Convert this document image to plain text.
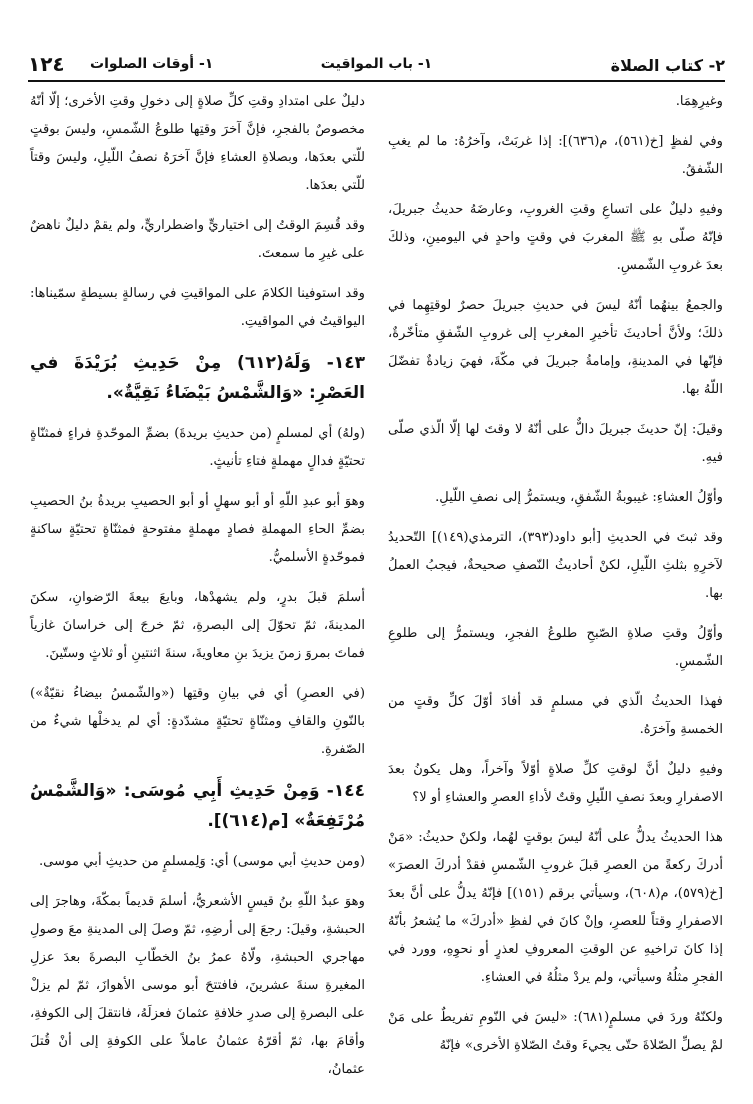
٢- كتاب الصلاة
١- باب المواقيت
١- أوقات الصلوات
١٢٤

وغيرِهِمَا.

وفي لفظٍ [خ(٥٦١)، م(٦٣٦)]: إذا غربَتْ، وآخرُهُ: ما لم يغبِ الشّفقُ.

وفيهِ دليلٌ على اتساعِ وقتِ الغروبِ، وعارضَهُ حديثُ جبريلَ، فإنّهُ صلّى بهِ ﷺ المغربَ في وقتٍ واحدٍ في اليومينِ، وذلكَ بعدَ غروبِ الشّمسِ.

والجمعُ بينهُما أنّهُ ليسَ في حديثِ جبريلَ حصرٌ لوقتِهِما في ذلكَ؛ ولأنَّ أحاديثَ تأخيرِ المغربِ إلى غروبِ الشّفقِ متأخّرةٌ، فإنّها في المدينةِ، وإمامةُ جبريلَ في مكّةَ، فهيَ زيادةٌ تفضّلَ اللّهُ بها.

وقيلَ: إنّ حديثَ جبريلَ دالٌّ على أنّهُ لا وقتَ لها إلّا الّذي صلّى فيهِ.

وأوّلُ العشاءِ: غيبوبةُ الشّفقِ، ويستمرُّ إلى نصفِ اللّيلِ.

وقد ثبتَ في الحديثِ [أبو داود(٣٩٣)، الترمذي(١٤٩)] التّحديدُ لآخرِهِ بثلثِ اللّيلِ، لكنْ أحاديثُ النّصفِ صحيحةٌ، فيجبُ العملُ بها.

وأوّلُ وقتِ صلاةِ الصّبحِ طلوعُ الفجرِ، ويستمرُّ إلى طلوعِ الشّمسِ.

فهذا الحديثُ الّذي في مسلمٍ قد أفادَ أوّلَ كلِّ وقتٍ من الخمسةِ وآخرَهُ.

وفيهِ دليلٌ أنَّ لوقتِ كلِّ صلاةٍ أوّلاً وآخراً، وهل يكونُ بعدَ الاصفرارِ وبعدَ نصفِ اللّيلِ وقتٌ لأداءِ العصرِ والعشاءِ أو لا؟

هذا الحديثُ يدلُّ على أنّهُ ليسَ بوقتٍ لهُما، ولكنْ حديثُ: «مَنْ أدركَ ركعةً من العصرِ قبلَ غروبِ الشّمسِ فقدْ أدركَ العصرَ» [خ(٥٧٩)، م(٦٠٨)، وسيأتي برقم (١٥١)] فإنّهُ يدلُّ على أنَّ بعدَ الاصفرارِ وقتاً للعصرِ، وإنْ كانَ في لفظِ «أدركَ» ما يُشعرُ بأنّهُ إذا كانَ تراخيهِ عن الوقتِ المعروفِ لعذرٍ أو نحوِهِ، وورد في الفجرِ مثلُهُ وسيأتي، ولم يردْ مثلُهُ في العشاءِ.

ولكنّهُ وردَ في مسلمٍ(٦٨١): «ليسَ في النّومِ تفريطٌ على مَنْ لمْ يصلِّ الصّلاةَ حتّى يجيءَ وقتُ الصّلاةِ الأخرى» فإنّهُ

دليلٌ على امتدادِ وقتِ كلِّ صلاةٍ إلى دخولِ وقتِ الأخرى؛ إلّا أنّهُ مخصوصٌ بالفجرِ، فإنَّ آخرَ وقتِها طلوعُ الشّمسِ، وليسَ بوقتٍ للّتي بعدَها، وبصلاةِ العشاءِ فإنَّ آخرَهُ نصفُ اللّيلِ، وليسَ وقتاً للّتي بعدَها.

وقد قُسِمَ الوقتُ إلى اختياريٍّ واضطراريٍّ، ولم يقمْ دليلٌ ناهضٌ على غيرِ ما سمعتَ.

وقد استوفينا الكلامَ على المواقيتِ في رسالةٍ بسيطةٍ سمّيناها: اليواقيتُ في المواقيتِ.

١٤٣- وَلَهُ(٦١٢) مِنْ حَدِيثِ بُرَيْدَةَ في العَصْرِ: «وَالشَّمْسُ بَيْضَاءُ نَقِيَّةٌ».

(ولهُ) أي لمسلمٍ (من حديثِ بريدةَ) بضمِّ الموحّدةِ فراءٍ فمثنّاةٍ تحتيّةٍ فدالٍ مهملةٍ فتاءِ تأنيثٍ.

وهوَ أبو عبدِ اللّهِ أو أبو سهلٍ أو أبو الحصيبِ بريدةُ بنُ الحصيبِ بضمِّ الحاءِ المهملةِ فصادٍ مهملةٍ مفتوحةٍ فمثنّاةٍ تحتيّةٍ ساكنةٍ فموحّدةٍ الأسلميُّ.

أسلمَ قبلَ بدرٍ، ولم يشهدْها، وبايعَ بيعةَ الرّضوانِ، سكنَ المدينةَ، ثمّ تحوّلَ إلى البصرةِ، ثمّ خرجَ إلى خراسانَ غازياً فماتَ بمروَ زمنَ يزيدَ بنِ معاويةَ، سنةَ اثنتينِ أو ثلاثٍ وستّينَ.

(في العصرِ) أي في بيانِ وقتِها («والشّمسُ بيضاءُ نقيّةٌ») بالنّونِ والقافِ ومثنّاةٍ تحتيّةٍ مشدّدةٍ: أي لم يدخلْها شيءٌ من الصّفرةِ.

١٤٤- وَمِنْ حَدِيثِ أَبِي مُوسَى: «وَالشَّمْسُ مُرْتَفِعَةٌ» [م(٦١٤)].

(ومن حديثِ أبي موسى) أي: وَلِمسلمٍ من حديثِ أبي موسى.

وهوَ عبدُ اللّهِ بنُ قيسٍ الأشعريُّ، أسلمَ قديماً بمكّةَ، وهاجرَ إلى الحبشةِ، وقيلَ: رجعَ إلى أرضِهِ، ثمّ وصلَ إلى المدينةِ معَ وصولِ مهاجري الحبشةِ، ولّاهُ عمرُ بنُ الخطّابِ البصرةَ بعدَ عزلِ المغيرةِ سنةَ عشرينَ، فافتتحَ أبو موسى الأهوازَ، ثمّ لم يزلْ على البصرةِ إلى صدرِ خلافةِ عثمانَ فعزلَهُ، فانتقلَ إلى الكوفةِ، وأقامَ بها، ثمّ أقرّهُ عثمانُ عاملاً على الكوفةِ إلى أنْ قُتلَ عثمانُ،
